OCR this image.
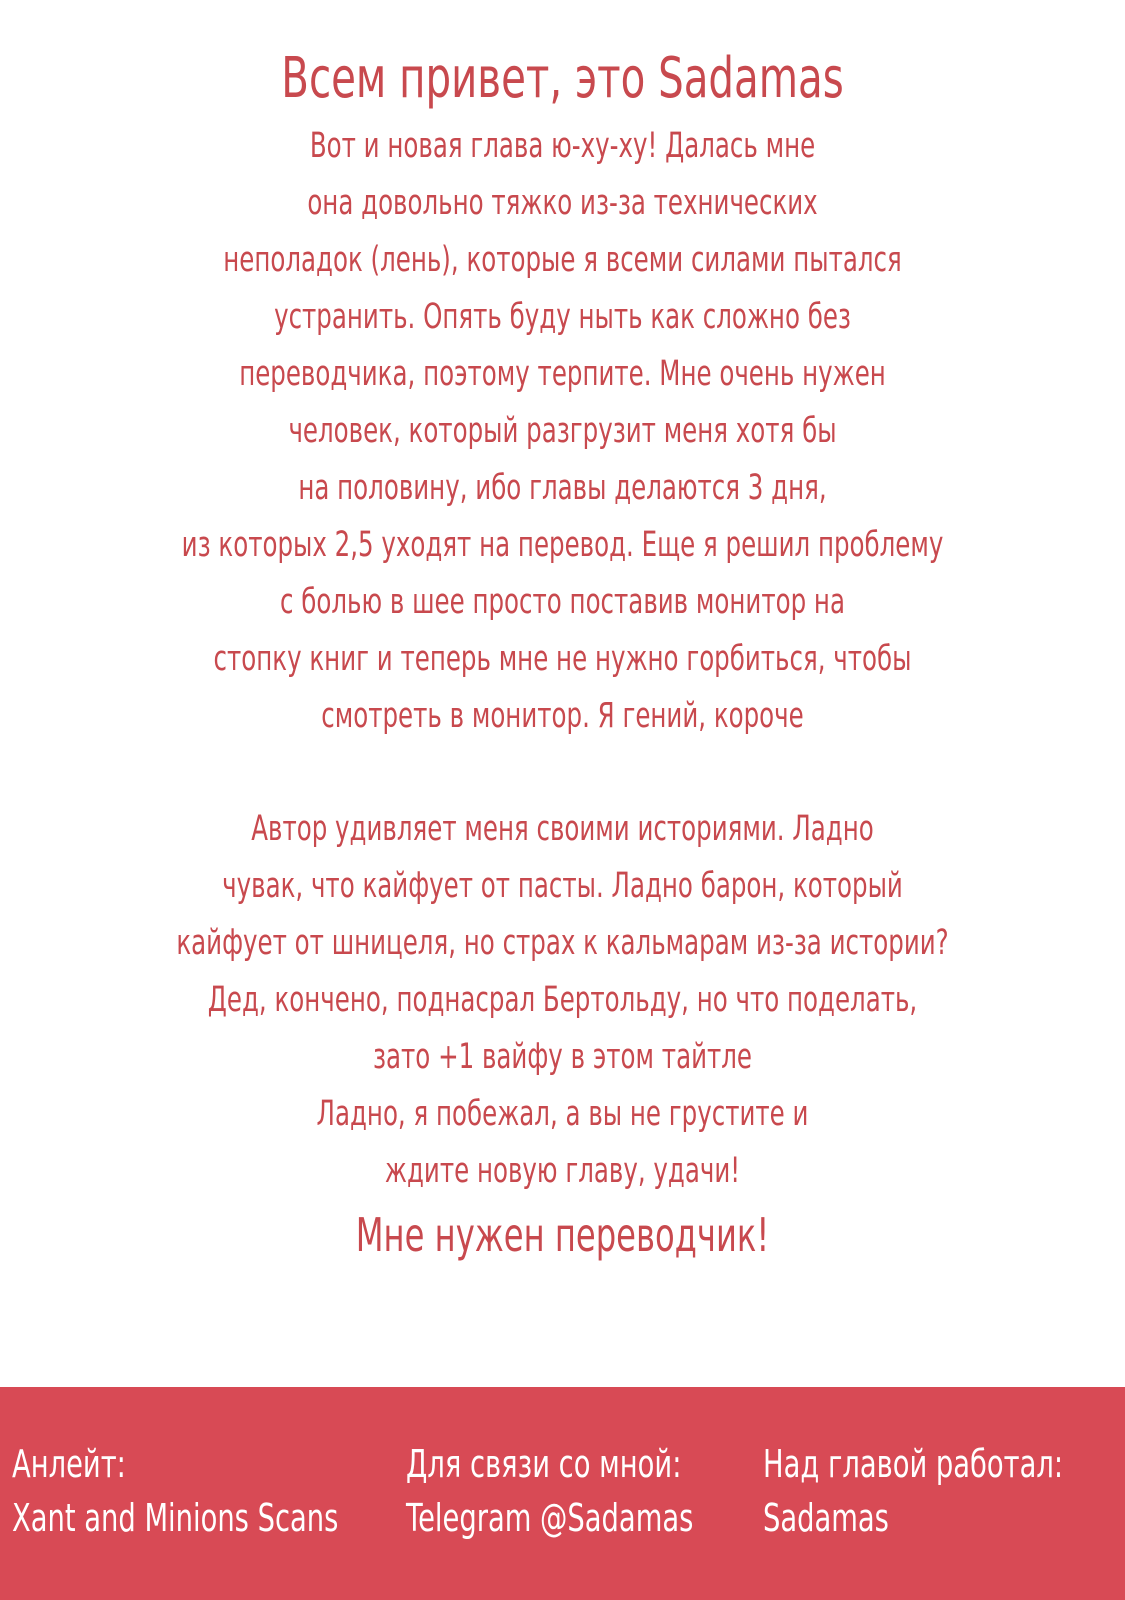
Всем привет, это Sadamas
Вот и новая глава ю-ху-ху! Далась мне
она довольно тяжко из-за технических
неполадок (лень), которые я всеми силами пытался
устранить. Опять буду ныть как сложно без
переводчика, поэтому терпите. Мне очень нужен
человек, который разгрузит меня хотя бы
на половину, ибо главы делаются 3 дня,
из которых 2,5 уходят на перевод. Еще я решил проблему
с болью в шее просто поставив монитор на
стопку книг и теперь мне не нужно горбиться, чтобы
смотреть в монитор. Я гений, короче
Автор удивляет меня своими историями. Ладно
чувак, что кайфует от пасты. Ладно барон, который
кайфует от шницеля, но страх к кальмарам из-за истории?
Дед, кончено, поднасрал Бертольду, но что поделать,
зато +1 вайфу в этом тайтле
Ладно, я побежал, а вы не грустите и
ждите новую главу, удачи!
Мне нужен переводчик!
Анлейт:
Xant and Minions Scans
Для связи со мной:
Telegram @Sadamas
Над главой работал:
Sadamas
